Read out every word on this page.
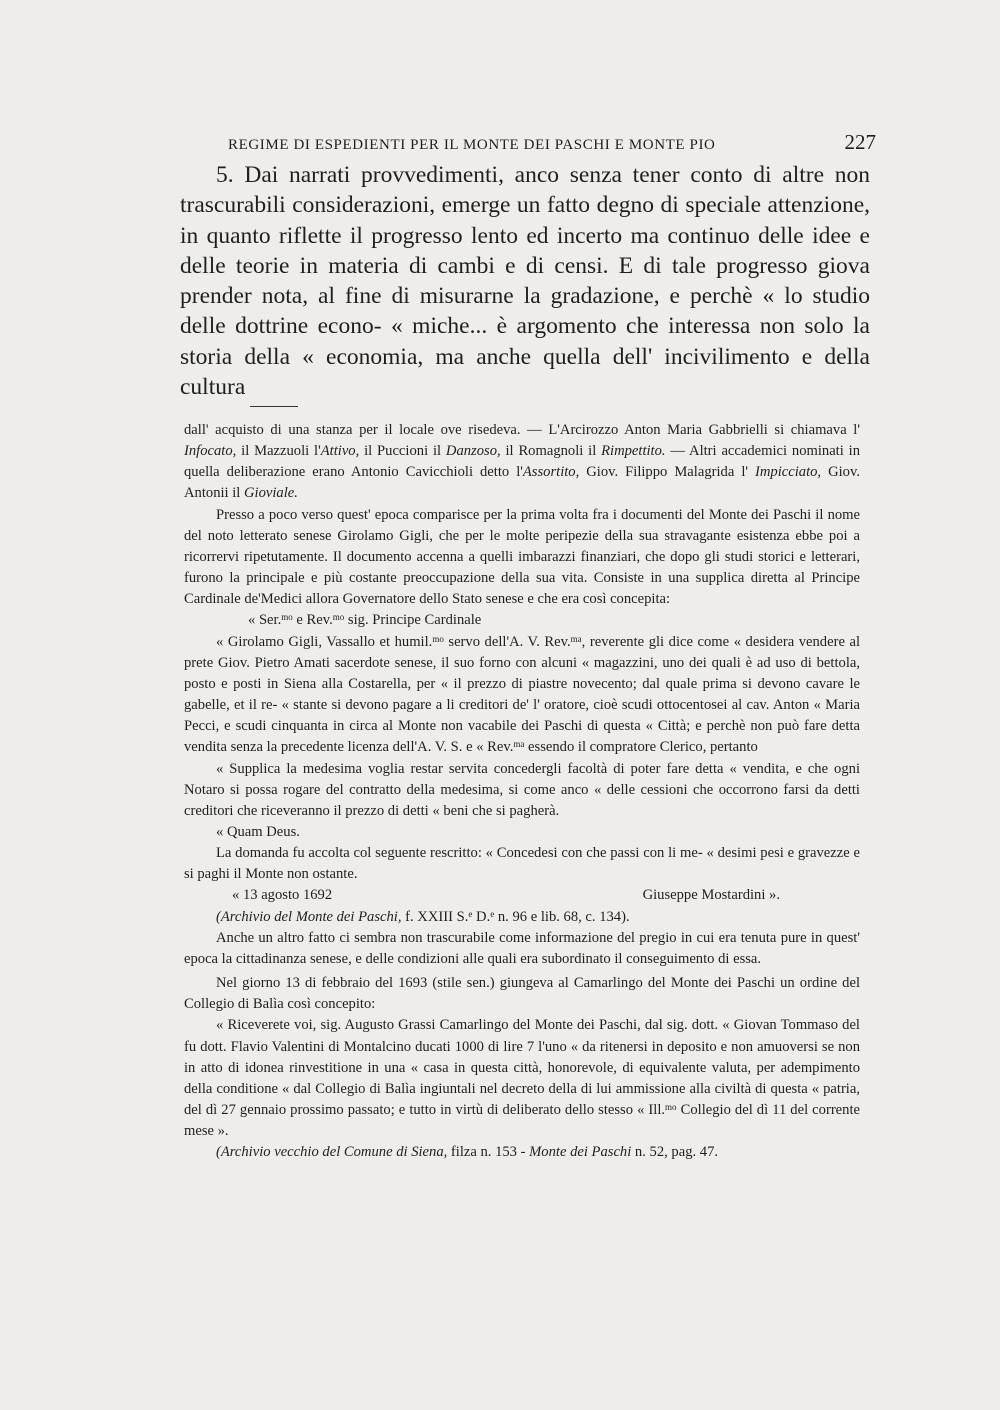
REGIME DI ESPEDIENTI PER IL MONTE DEI PASCHI E MONTE PIO	227

5. Dai narrati provvedimenti, anco senza tener conto di altre non trascurabili considerazioni, emerge un fatto degno di speciale attenzione, in quanto riflette il progresso lento ed incerto ma continuo delle idee e delle teorie in materia di cambi e di censi. E di tale progresso giova prender nota, al fine di misurarne la gradazione, e perchè « lo studio delle dottrine econo- « miche... è argomento che interessa non solo la storia della « economia, ma anche quella dell' incivilimento e della cultura

dall' acquisto di una stanza per il locale ove risedeva. — L'Arcirozzo Anton Maria Gabbrielli si chiamava l' Infocato, il Mazzuoli l'Attivo, il Puccioni il Danzoso, il Romagnoli il Rimpettito. — Altri accademici nominati in quella deliberazione erano Antonio Cavicchioli detto l'Assortito, Giov. Filippo Malagrida l' Impicciato, Giov. Antonii il Gioviale.

Presso a poco verso quest' epoca comparisce per la prima volta fra i documenti del Monte dei Paschi il nome del noto letterato senese Girolamo Gigli, che per le molte peripezie della sua stravagante esistenza ebbe poi a ricorrervi ripetutamente. Il documento accenna a quelli imbarazzi finanziari, che dopo gli studi storici e letterari, furono la principale e più costante preoccupazione della sua vita. Consiste in una supplica diretta al Principe Cardinale de'Medici allora Governatore dello Stato senese e che era così concepita:

« Ser.$^{mo}$ e Rev.$^{mo}$ sig. Principe Cardinale

« Girolamo Gigli, Vassallo et humil.$^{mo}$ servo dell'A. V. Rev.$^{ma}$, reverente gli dice come « desidera vendere al prete Giov. Pietro Amati sacerdote senese, il suo forno con alcuni « magazzini, uno dei quali è ad uso di bettola, posto e posti in Siena alla Costarella, per « il prezzo di piastre novecento; dal quale prima si devono cavare le gabelle, et il re- « stante si devono pagare a li creditori de' l' oratore, cioè scudi ottocentosei al cav. Anton « Maria Pecci, e scudi cinquanta in circa al Monte non vacabile dei Paschi di questa « Città; e perchè non può fare detta vendita senza la precedente licenza dell'A. V. S. e « Rev.$^{ma}$ essendo il compratore Clerico, pertanto

« Supplica la medesima voglia restar servita concedergli facoltà di poter fare detta « vendita, e che ogni Notaro si possa rogare del contratto della medesima, si come anco « delle cessioni che occorrono farsi da detti creditori che riceveranno il prezzo di detti « beni che si pagherà.

« Quam Deus.

La domanda fu accolta col seguente rescritto: « Concedesi con che passi con li me- « desimi pesi e gravezze e si paghi il Monte non ostante.

« 13 agosto 1692	Giuseppe Mostardini ».

(Archivio del Monte dei Paschi, f. XXIII S.$^e$ D.$^e$ n. 96 e lib. 68, c. 134).

Anche un altro fatto ci sembra non trascurabile come informazione del pregio in cui era tenuta pure in quest' epoca la cittadinanza senese, e delle condizioni alle quali era subordinato il conseguimento di essa.

Nel giorno 13 di febbraio del 1693 (stile sen.) giungeva al Camarlingo del Monte dei Paschi un ordine del Collegio di Balìa così concepito:

« Riceverete voi, sig. Augusto Grassi Camarlingo del Monte dei Paschi, dal sig. dott. « Giovan Tommaso del fu dott. Flavio Valentini di Montalcino ducati 1000 di lire 7 l'uno « da ritenersi in deposito e non amuoversi se non in atto di idonea rinvestitione in una « casa in questa città, honorevole, di equivalente valuta, per adempimento della conditione « dal Collegio di Balìa ingiuntali nel decreto della di lui ammissione alla civiltà di questa « patria, del dì 27 gennaio prossimo passato; e tutto in virtù di deliberato dello stesso « Ill.$^{mo}$ Collegio del dì 11 del corrente mese ».

(Archivio vecchio del Comune di Siena, filza n. 153 - Monte dei Paschi n. 52, pag. 47.
